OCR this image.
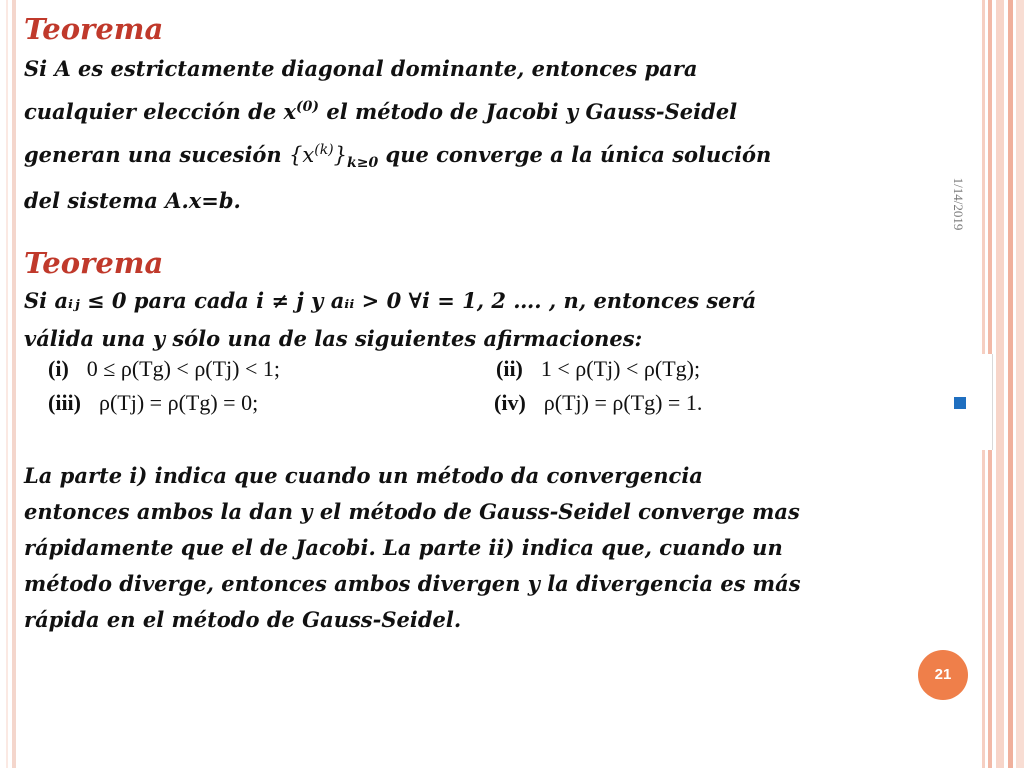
1/14/2019
Teorema
Si A es estrictamente diagonal dominante, entonces para
cualquier elección de $x^{(0)}$ el método de Jacobi y Gauss-Seidel
generan una sucesión $\{x^{(k)}\}_{k\ge 0}$ que converge a la única solución
del sistema A.x=b.
Teorema
Si aᵢⱼ ≤ 0 para cada i ≠ j y aᵢᵢ > 0 ∀i = 1, 2 …. , n, entonces será
válida una y sólo una de las siguientes afirmaciones:
(i) 0 ≤ ρ(Tg) < ρ(Tj) < 1;	(ii) 1 < ρ(Tj) < ρ(Tg);
(iii) ρ(Tj) = ρ(Tg) = 0;	(iv) ρ(Tj) = ρ(Tg) = 1.
La parte i) indica que cuando un método da convergencia
entonces ambos la dan y el método de Gauss-Seidel converge mas
rápidamente que el de Jacobi. La parte ii) indica que, cuando un
método diverge, entonces ambos divergen y la divergencia es más
rápida en el método de Gauss-Seidel.
21
